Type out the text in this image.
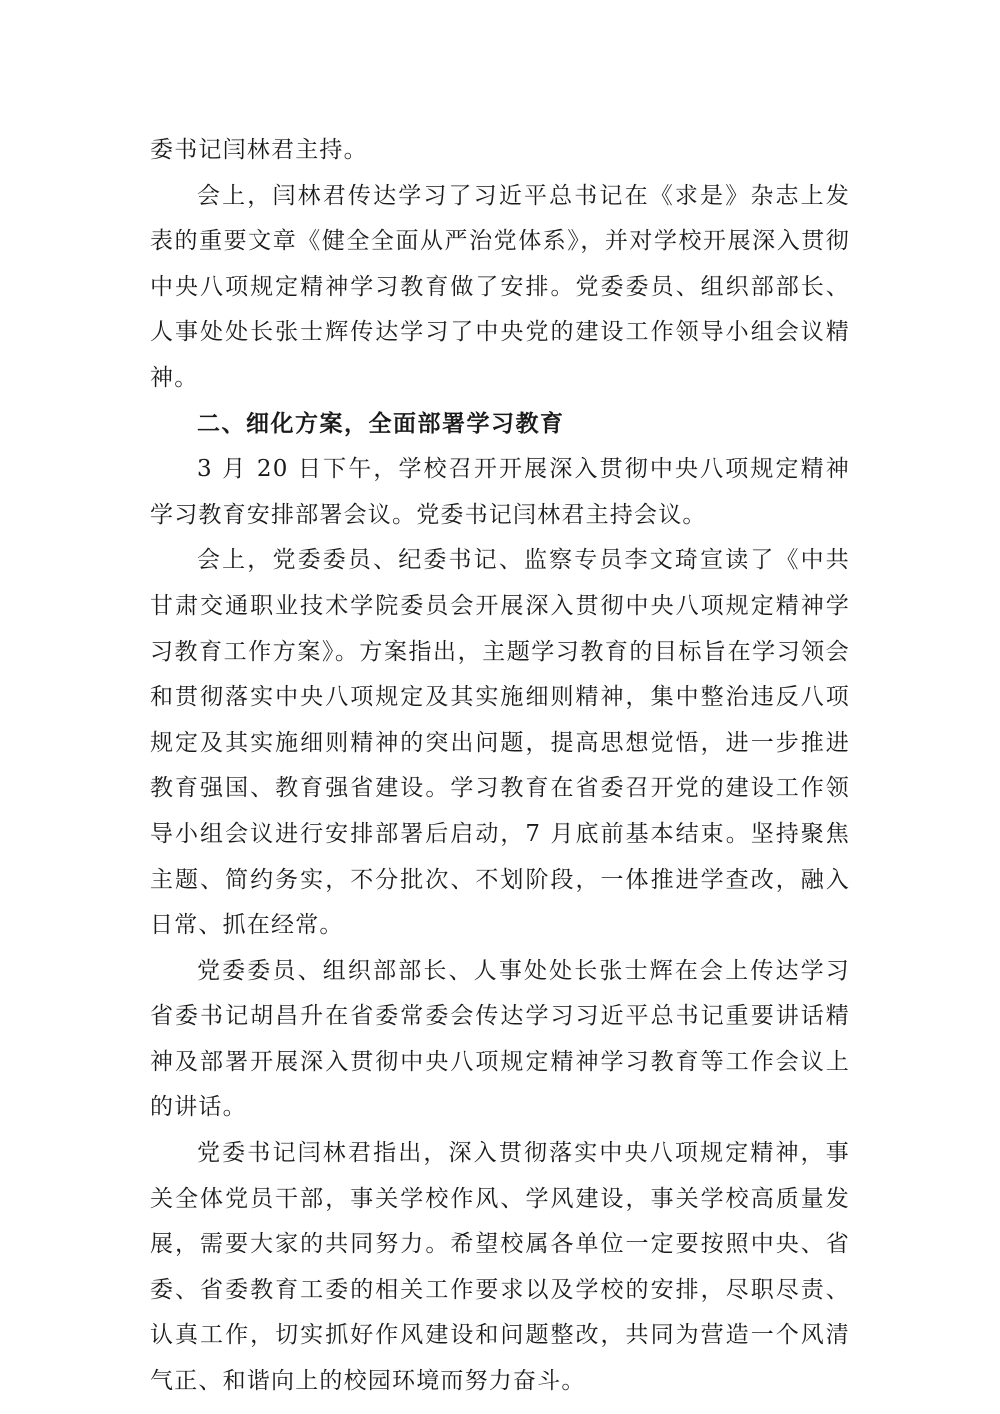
委书记闫林君主持。

会上，闫林君传达学习了习近平总书记在《求是》杂志上发表的重要文章《健全全面从严治党体系》，并对学校开展深入贯彻中央八项规定精神学习教育做了安排。党委委员、组织部部长、人事处处长张士辉传达学习了中央党的建设工作领导小组会议精神。

二、细化方案，全面部署学习教育

3 月 20 日下午，学校召开开展深入贯彻中央八项规定精神学习教育安排部署会议。党委书记闫林君主持会议。

会上，党委委员、纪委书记、监察专员李文琦宣读了《中共甘肃交通职业技术学院委员会开展深入贯彻中央八项规定精神学习教育工作方案》。方案指出，主题学习教育的目标旨在学习领会和贯彻落实中央八项规定及其实施细则精神，集中整治违反八项规定及其实施细则精神的突出问题，提高思想觉悟，进一步推进教育强国、教育强省建设。学习教育在省委召开党的建设工作领导小组会议进行安排部署后启动，7 月底前基本结束。坚持聚焦主题、简约务实，不分批次、不划阶段，一体推进学查改，融入日常、抓在经常。

党委委员、组织部部长、人事处处长张士辉在会上传达学习省委书记胡昌升在省委常委会传达学习习近平总书记重要讲话精神及部署开展深入贯彻中央八项规定精神学习教育等工作会议上的讲话。

党委书记闫林君指出，深入贯彻落实中央八项规定精神，事关全体党员干部，事关学校作风、学风建设，事关学校高质量发展，需要大家的共同努力。希望校属各单位一定要按照中央、省委、省委教育工委的相关工作要求以及学校的安排，尽职尽责、认真工作，切实抓好作风建设和问题整改，共同为营造一个风清气正、和谐向上的校园环境而努力奋斗。
